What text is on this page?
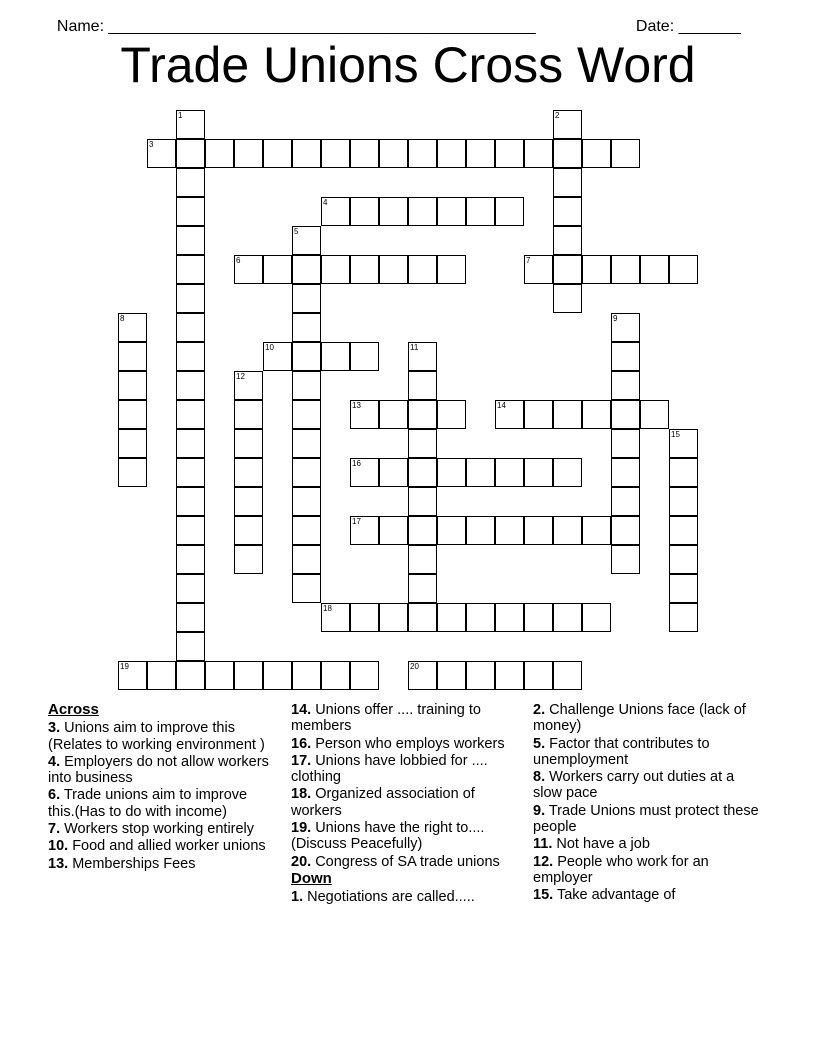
Name: ________________________________________________	Date: _______

Trade Unions Cross Word
1	2
3
4
5
6	7
8	9
10	11
12
13	14
15
16
17
18
19	20
Across
3. Unions aim to improve this (Relates to working environment )
4. Employers do not allow workers into business
6. Trade unions aim to improve this.(Has to do with income)
7. Workers stop working entirely
10. Food and allied worker unions
13. Memberships Fees
14. Unions offer .... training to members
16. Person who employs workers
17. Unions have lobbied for .... clothing
18. Organized association of workers
19. Unions have the right to.... (Discuss Peacefully)
20. Congress of SA trade unions
Down
1. Negotiations are called.....
2. Challenge Unions face (lack of money)
5. Factor that contributes to unemployment
8. Workers carry out duties at a slow pace
9. Trade Unions must protect these people
11. Not have a job
12. People who work for an employer
15. Take advantage of
